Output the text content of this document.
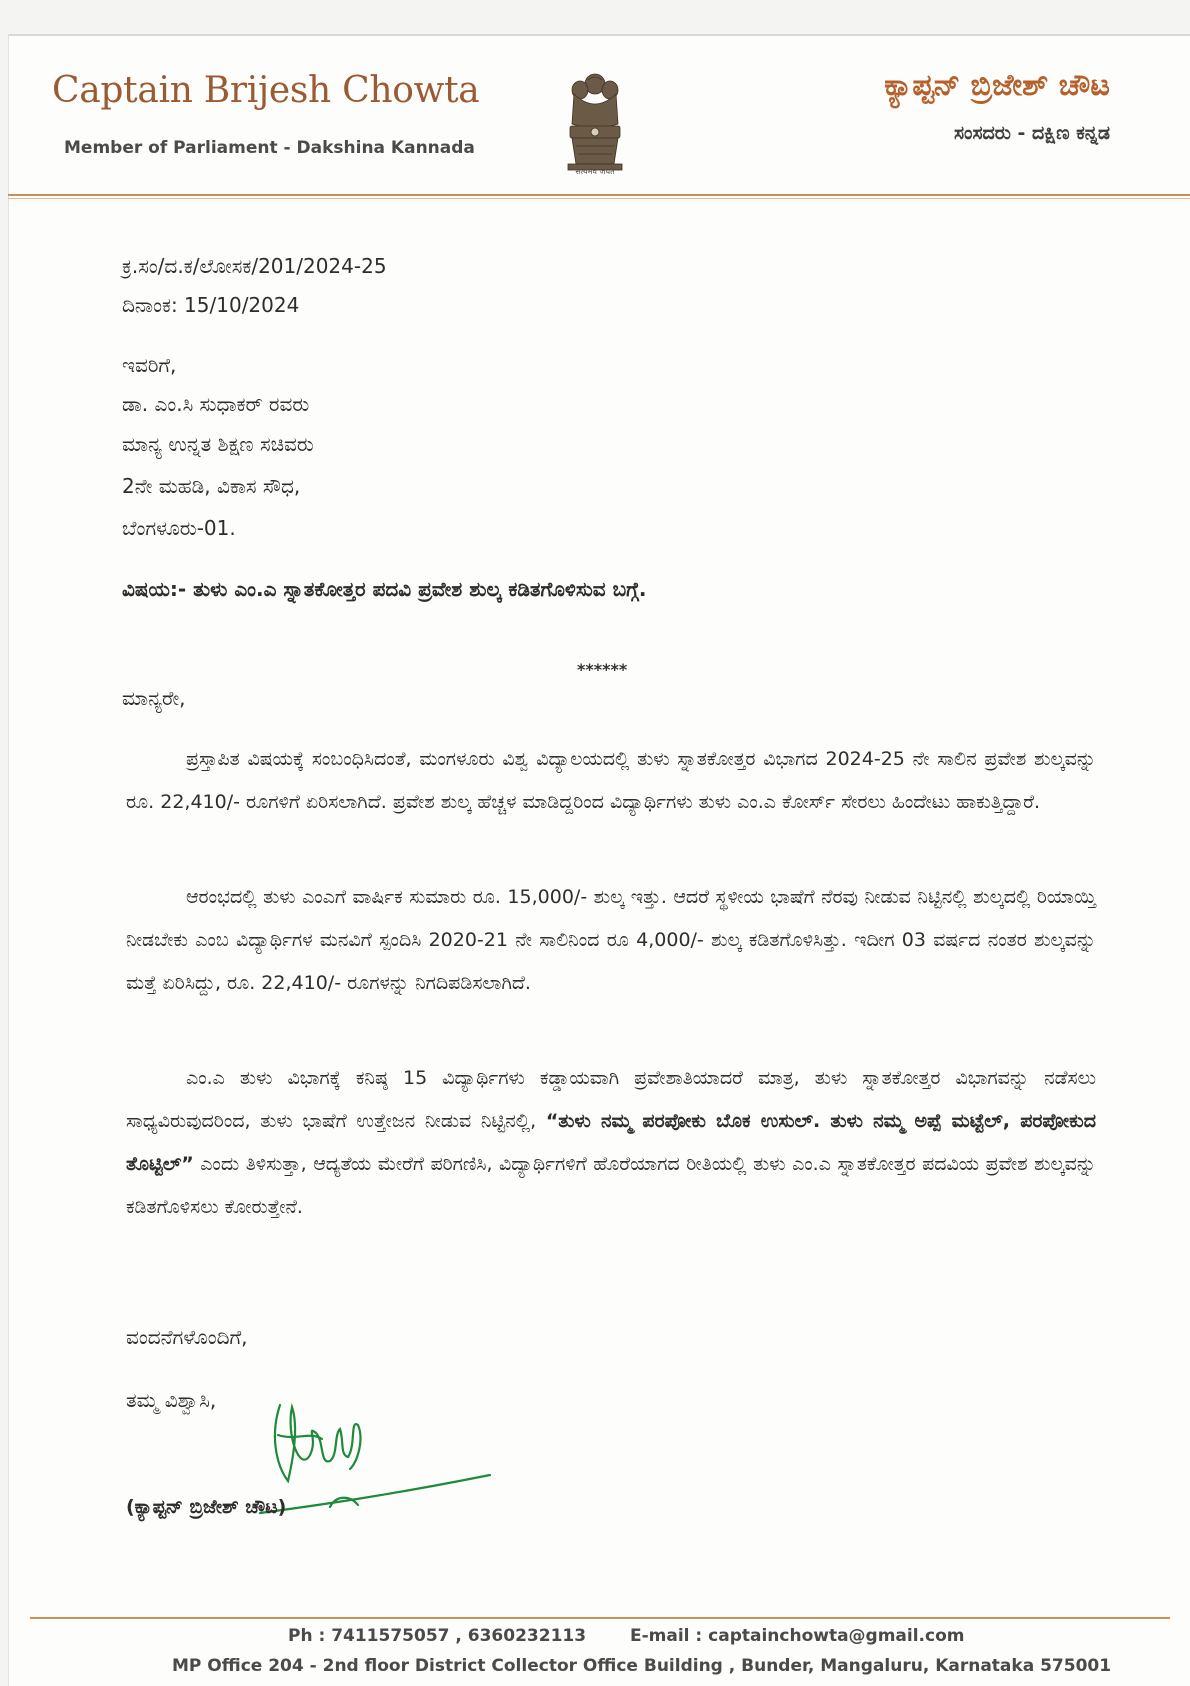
Captain Brijesh Chowta
Member of Parliament - Dakshina Kannada
सत्यमेव जयते
ಕ್ಯಾಪ್ಟನ್ ಬ್ರಿಜೇಶ್ ಚೌಟ
ಸಂಸದರು - ದಕ್ಷಿಣ ಕನ್ನಡ
ಕ್ರ.ಸಂ/ದ.ಕ/ಲೋಸಕ/201/2024-25
ದಿನಾಂಕ: 15/10/2024
ಇವರಿಗೆ,
ಡಾ. ಎಂ.ಸಿ ಸುಧಾಕರ್ ರವರು
ಮಾನ್ಯ ಉನ್ನತ ಶಿಕ್ಷಣ ಸಚಿವರು
2ನೇ ಮಹಡಿ, ವಿಕಾಸ ಸೌಧ,
ಬೆಂಗಳೂರು-01.
ವಿಷಯ:- ತುಳು ಎಂ.ಎ ಸ್ನಾತಕೋತ್ತರ ಪದವಿ ಪ್ರವೇಶ ಶುಲ್ಕ ಕಡಿತಗೊಳಿಸುವ ಬಗ್ಗೆ.
******
ಮಾನ್ಯರೇ,
ಪ್ರಸ್ತಾಪಿತ ವಿಷಯಕ್ಕೆ ಸಂಬಂಧಿಸಿದಂತೆ, ಮಂಗಳೂರು ವಿಶ್ವ ವಿದ್ಯಾಲಯದಲ್ಲಿ ತುಳು ಸ್ನಾತಕೋತ್ತರ ವಿಭಾಗದ 2024-25 ನೇ ಸಾಲಿನ ಪ್ರವೇಶ ಶುಲ್ಕವನ್ನು ರೂ. 22,410/- ರೂಗಳಿಗೆ ಏರಿಸಲಾಗಿದೆ. ಪ್ರವೇಶ ಶುಲ್ಕ ಹೆಚ್ಚಳ ಮಾಡಿದ್ದರಿಂದ ವಿದ್ಯಾರ್ಥಿಗಳು ತುಳು ಎಂ.ಎ ಕೋರ್ಸ್ ಸೇರಲು ಹಿಂದೇಟು ಹಾಕುತ್ತಿದ್ದಾರೆ.
ಆರಂಭದಲ್ಲಿ ತುಳು ಎಂಎಗೆ ವಾರ್ಷಿಕ ಸುಮಾರು ರೂ. 15,000/- ಶುಲ್ಕ ಇತ್ತು. ಆದರೆ ಸ್ಥಳೀಯ ಭಾಷೆಗೆ ನೆರವು ನೀಡುವ ನಿಟ್ಟಿನಲ್ಲಿ ಶುಲ್ಕದಲ್ಲಿ ರಿಯಾಯ್ತಿ ನೀಡಬೇಕು ಎಂಬ ವಿದ್ಯಾರ್ಥಿಗಳ ಮನವಿಗೆ ಸ್ಪಂದಿಸಿ 2020-21 ನೇ ಸಾಲಿನಿಂದ ರೂ 4,000/- ಶುಲ್ಕ ಕಡಿತಗೊಳಿಸಿತ್ತು. ಇದೀಗ 03 ವರ್ಷದ ನಂತರ ಶುಲ್ಕವನ್ನು ಮತ್ತೆ ಏರಿಸಿದ್ದು, ರೂ. 22,410/- ರೂಗಳನ್ನು ನಿಗದಿಪಡಿಸಲಾಗಿದೆ.
ಎಂ.ಎ ತುಳು ವಿಭಾಗಕ್ಕೆ ಕನಿಷ್ಠ 15 ವಿದ್ಯಾರ್ಥಿಗಳು ಕಡ್ಡಾಯವಾಗಿ ಪ್ರವೇಶಾತಿಯಾದರೆ ಮಾತ್ರ, ತುಳು ಸ್ನಾತಕೋತ್ತರ ವಿಭಾಗವನ್ನು ನಡೆಸಲು ಸಾಧ್ಯವಿರುವುದರಿಂದ, ತುಳು ಭಾಷೆಗೆ ಉತ್ತೇಜನ ನೀಡುವ ನಿಟ್ಟಿನಲ್ಲಿ, “ತುಳು ನಮ್ಮ ಪರಪೋಕು ಬೊಕ ಉಸುಲ್. ತುಳು ನಮ್ಮ ಅಪ್ಪೆ ಮಟ್ಟೆಲ್, ಪರಪೋಕುದ ತೊಟ್ಟಿಲ್” ಎಂದು ತಿಳಿಸುತ್ತಾ, ಆದ್ಯತೆಯ ಮೇರೆಗೆ ಪರಿಗಣಿಸಿ, ವಿದ್ಯಾರ್ಥಿಗಳಿಗೆ ಹೊರೆಯಾಗದ ರೀತಿಯಲ್ಲಿ ತುಳು ಎಂ.ಎ ಸ್ನಾತಕೋತ್ತರ ಪದವಿಯ ಪ್ರವೇಶ ಶುಲ್ಕವನ್ನು ಕಡಿತಗೊಳಿಸಲು ಕೋರುತ್ತೇನೆ.
ವಂದನೆಗಳೊಂದಿಗೆ,
ತಮ್ಮ ವಿಶ್ವಾಸಿ,
(ಕ್ಯಾಪ್ಟನ್ ಬ್ರಿಜೇಶ್ ಚೌಟ)
Ph : 7411575057 , 6360232113	E-mail : captainchowta@gmail.com
MP Office 204 - 2nd floor District Collector Office Building , Bunder, Mangaluru, Karnataka 575001
